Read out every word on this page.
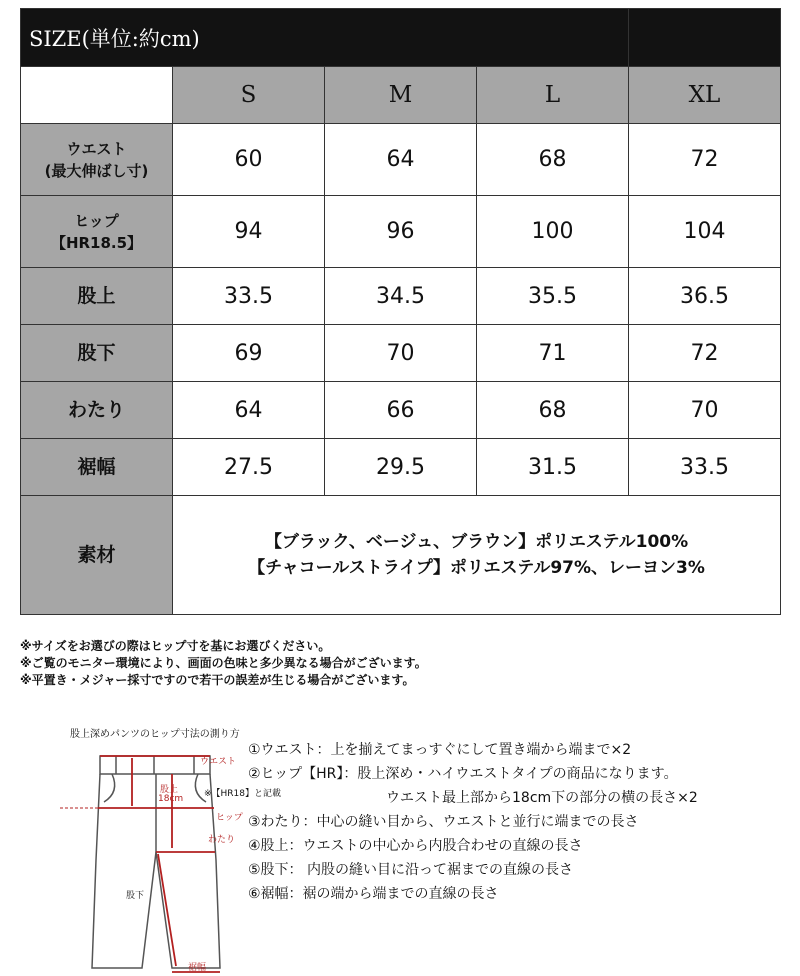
SIZE(単位:約cm)				
	S	M	L	XL

ウエスト
(最大伸ばし寸)	60	64	68	72

ヒップ
【HR18.5】	94	96	100	104
股上	33.5	34.5	35.5	36.5
股下	69	70	71	72
わたり	64	66	68	70
裾幅	27.5	29.5	31.5	33.5
素材	【ブラック、ベージュ、ブラウン】ポリエステル100%
【チャコールストライプ】ポリエステル97%、レーヨン3%			
※サイズをお選びの際はヒップ寸を基にお選びください。
※ご覧のモニター環境により、画面の色味と多少異なる場合がございます。
※平置き・メジャー採寸ですので若干の誤差が生じる場合がございます。
股上深めパンツのヒップ寸法の測り方
ウエスト
股上
18cm ※【HR18】と記載
ヒップ
わたり
股下
裾幅
①ウエスト：上を揃えてまっすぐにして置き端から端まで×2
②ヒップ【HR】：股上深め・ハイウエストタイプの商品になります。
ウエスト最上部から18cm下の部分の横の長さ×2
③わたり：中心の縫い目から、ウエストと並行に端までの長さ
④股上：ウエストの中心から内股合わせの直線の長さ
⑤股下： 内股の縫い目に沿って裾までの直線の長さ
⑥裾幅：裾の端から端までの直線の長さ
